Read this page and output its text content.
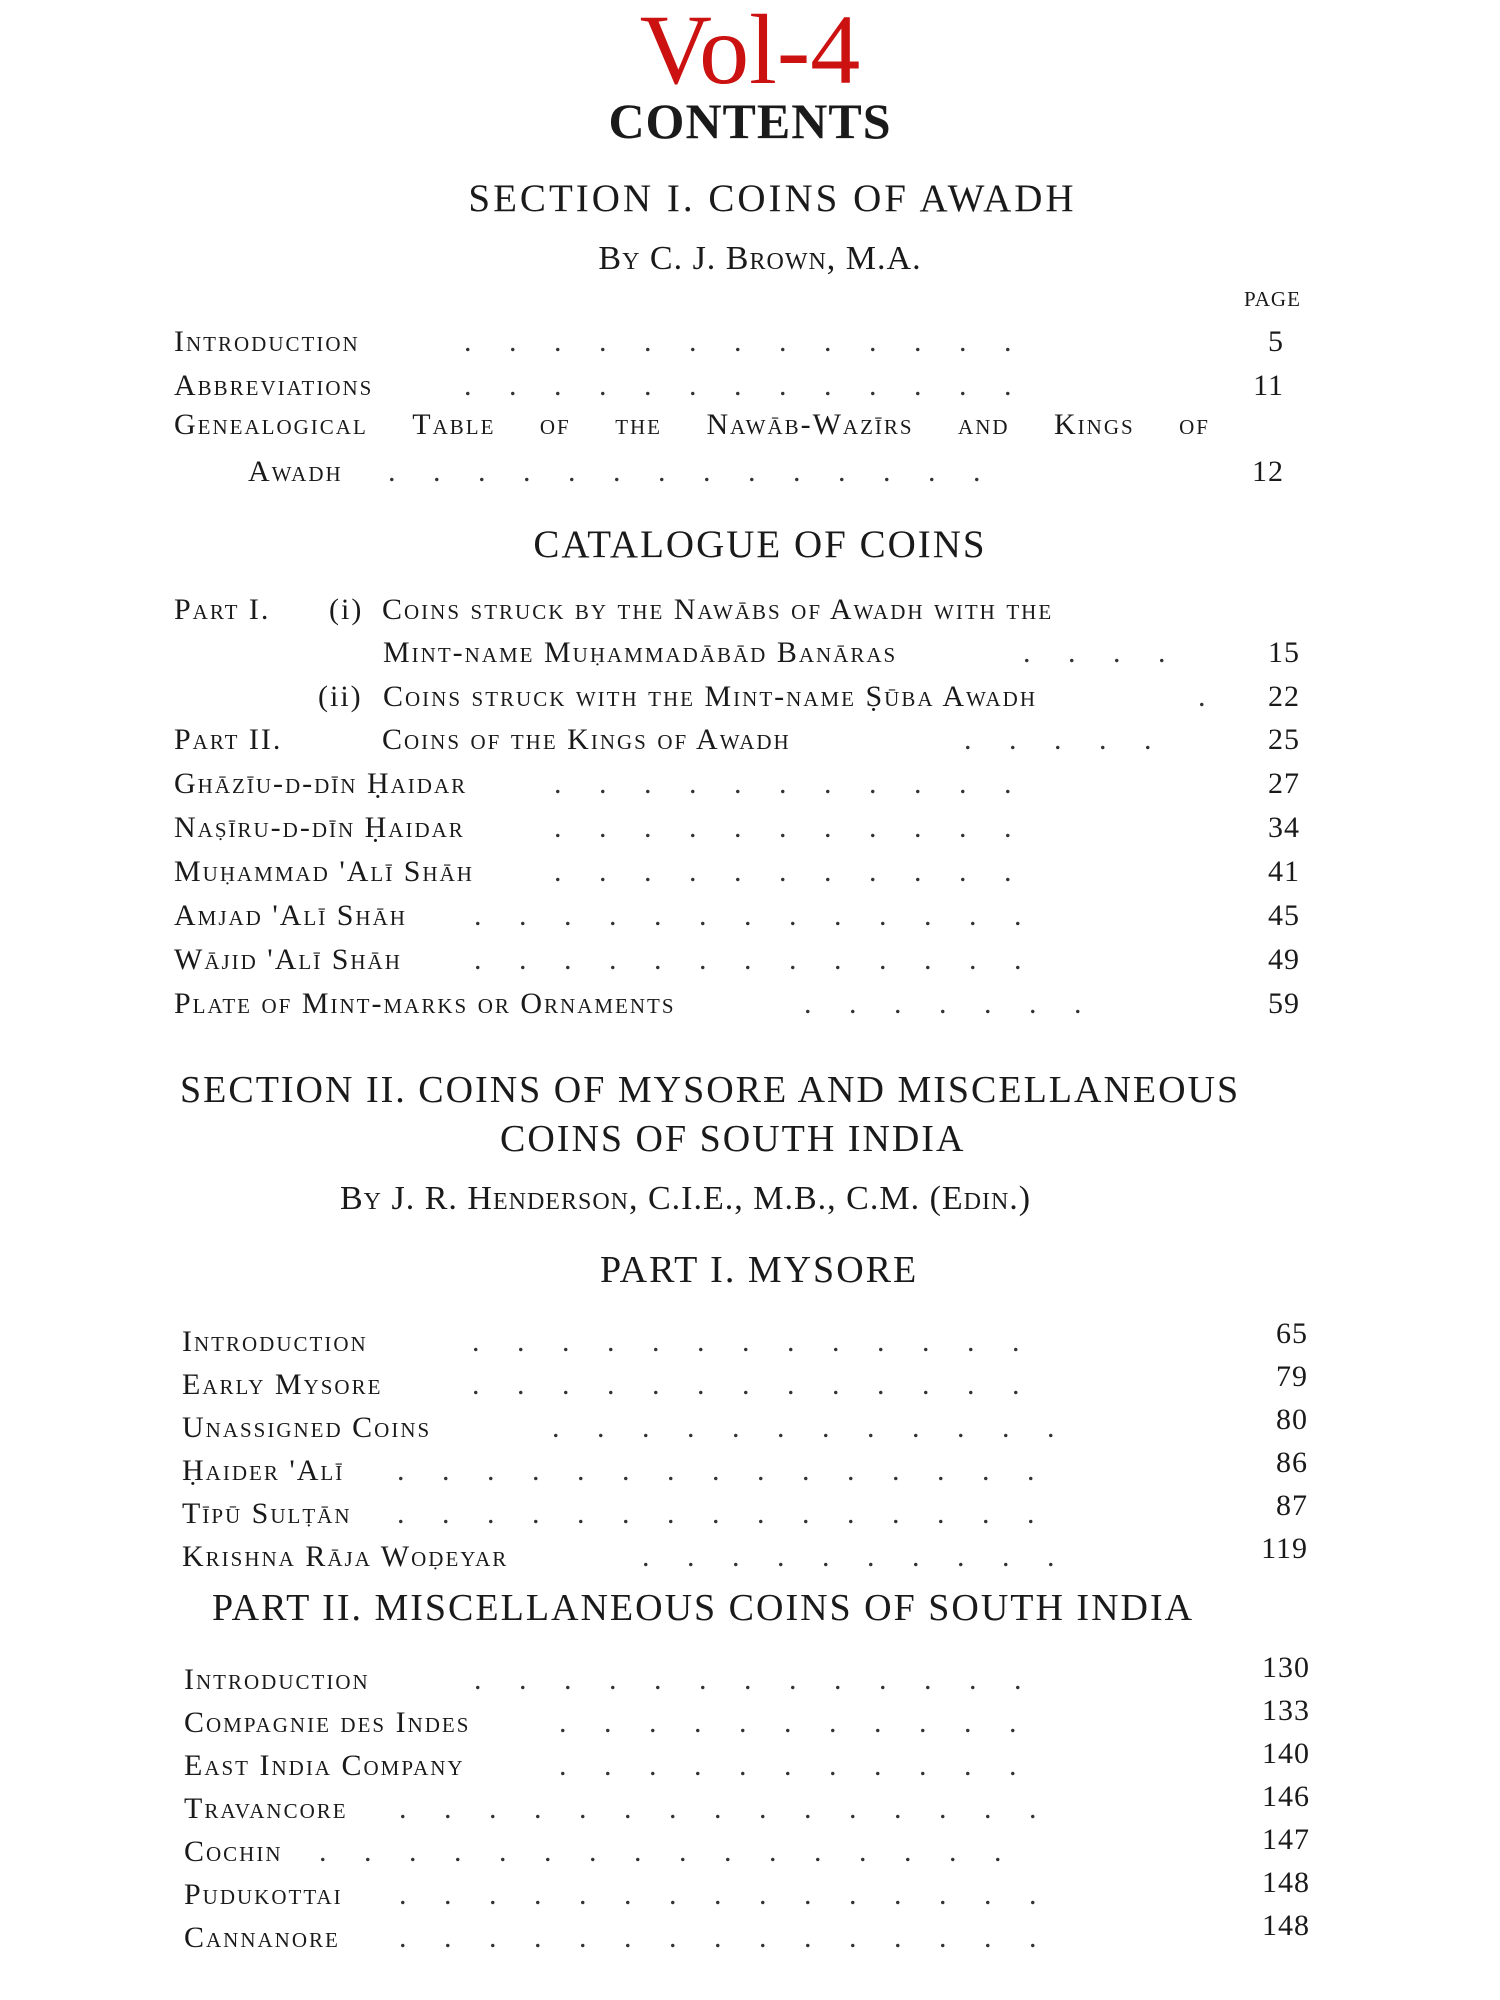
Vol-4
CONTENTS
SECTION I. COINS OF AWADH
By C. J. Brown, M.A.
PAGE
Introduction	.     .     .     .     .     .     .     .     .     .     .     .     .	5
Abbreviations	.     .     .     .     .     .     .     .     .     .     .     .     .	11
Genealogical Table of the Nawāb-Wazīrs and Kings of
Awadh .     .     .     .     .     .     .     .     .     .     .     .     .     .	12
CATALOGUE OF COINS
Part I. (i) Coins struck by the Nawābs of Awadh with the
Mint-name Muḥammadābād Banāras	.     .     .     .	15
(ii) Coins struck with the Mint-name Ṣūba Awadh	.	22
Part II.	Coins of the Kings of Awadh	.     .     .     .     .	25
Ghāzīu-d-dīn Ḥaidar	.     .     .     .     .     .     .     .     .     .     .	27
Naṣīru-d-dīn Ḥaidar	.     .     .     .     .     .     .     .     .     .     .	34
Muḥammad 'Alī Shāh	.     .     .     .     .     .     .     .     .     .     .	41
Amjad 'Alī Shāh .     .     .     .     .     .     .     .     .     .     .     .     .	45
Wājid 'Alī Shāh .     .     .     .     .     .     .     .     .     .     .     .     .	49
Plate of Mint-marks or Ornaments	.     .     .     .     .     .     .	59
SECTION II. COINS OF MYSORE AND MISCELLANEOUS
COINS OF SOUTH INDIA
By J. R. Henderson, C.I.E., M.B., C.M. (Edin.)
PART I. MYSORE
Introduction	.     .     .     .     .     .     .     .     .     .     .     .     .	65
Early Mysore	.     .     .     .     .     .     .     .     .     .     .     .     .	79
Unassigned Coins	.     .     .     .     .     .     .     .     .     .     .     .	80
Ḥaider 'Alī .     .     .     .     .     .     .     .     .     .     .     .     .     .     .	86
Tīpū Sulṭān .     .     .     .     .     .     .     .     .     .     .     .     .     .     .	87
Krishna Rāja Woḍeyar	.     .     .     .     .     .     .     .     .     .	119
PART II. MISCELLANEOUS COINS OF SOUTH INDIA
Introduction	.     .     .     .     .     .     .     .     .     .     .     .     .	130
Compagnie des Indes	.     .     .     .     .     .     .     .     .     .     .	133
East India Company	.     .     .     .     .     .     .     .     .     .     .	140
Travancore .     .     .     .     .     .     .     .     .     .     .     .     .     .     .	146
Cochin .     .     .     .     .     .     .     .     .     .     .     .     .     .     .     .	147
Pudukottai .     .     .     .     .     .     .     .     .     .     .     .     .     .     .	148
Cannanore .     .     .     .     .     .     .     .     .     .     .     .     .     .     .	148
